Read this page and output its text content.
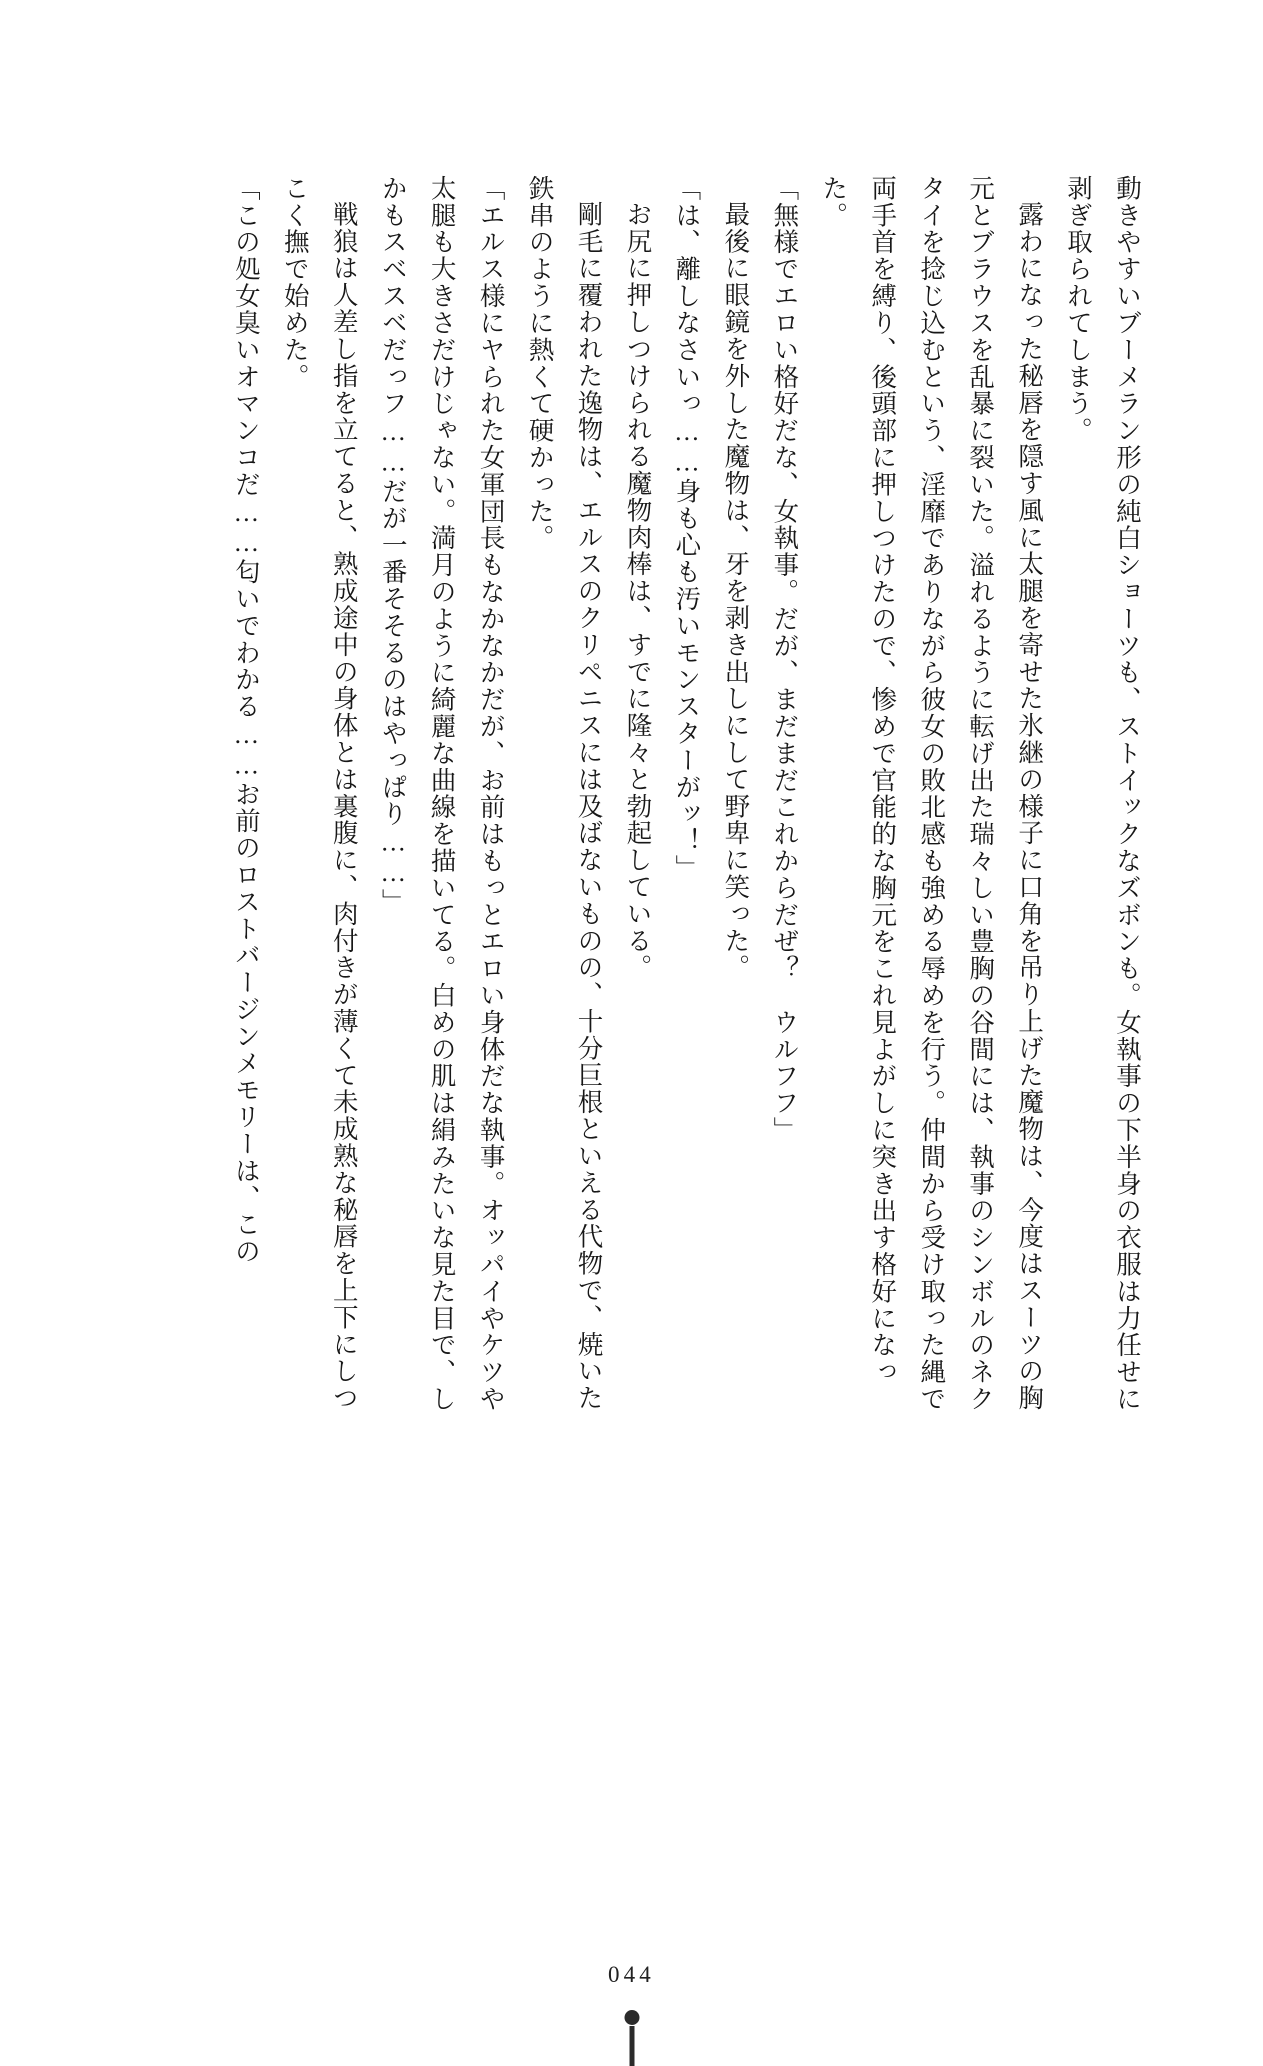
動きやすいブーメラン形の純白ショーツも、ストイックなズボンも。女執事の下半身の衣服は力任せに剥ぎ取られてしまう。

露わになった秘唇を隠す風に太腿を寄せた氷継の様子に口角を吊り上げた魔物は、今度はスーツの胸元とブラウスを乱暴に裂いた。溢れるように転げ出た瑞々しい豊胸の谷間には、執事のシンボルのネクタイを捻じ込むという、淫靡でありながら彼女の敗北感も強める辱めを行う。仲間から受け取った縄で両手首を縛り、後頭部に押しつけたので、惨めで官能的な胸元をこれ見よがしに突き出す格好になった。

「無様でエロい格好だな、女執事。だが、まだまだこれからだぜ？　ウルフフ」

最後に眼鏡を外した魔物は、牙を剥き出しにして野卑に笑った。

「は、離しなさいっ……身も心も汚いモンスターがッ！」

お尻に押しつけられる魔物肉棒は、すでに隆々と勃起している。

剛毛に覆われた逸物は、エルスのクリペニスには及ばないものの、十分巨根といえる代物で、焼いた鉄串のように熱くて硬かった。

「エルス様にヤられた女軍団長もなかなかだが、お前はもっとエロい身体だな執事。オッパイやケツや太腿も大きさだけじゃない。満月のように綺麗な曲線を描いてる。白めの肌は絹みたいな見た目で、しかもスベスベだっフ……だが一番そそるのはやっぱり……」

戦狼は人差し指を立てると、熟成途中の身体とは裏腹に、肉付きが薄くて未成熟な秘唇を上下にしつこく撫で始めた。

「この処女臭いオマンコだ……匂いでわかる……お前のロストバージンメモリーは、この

044
